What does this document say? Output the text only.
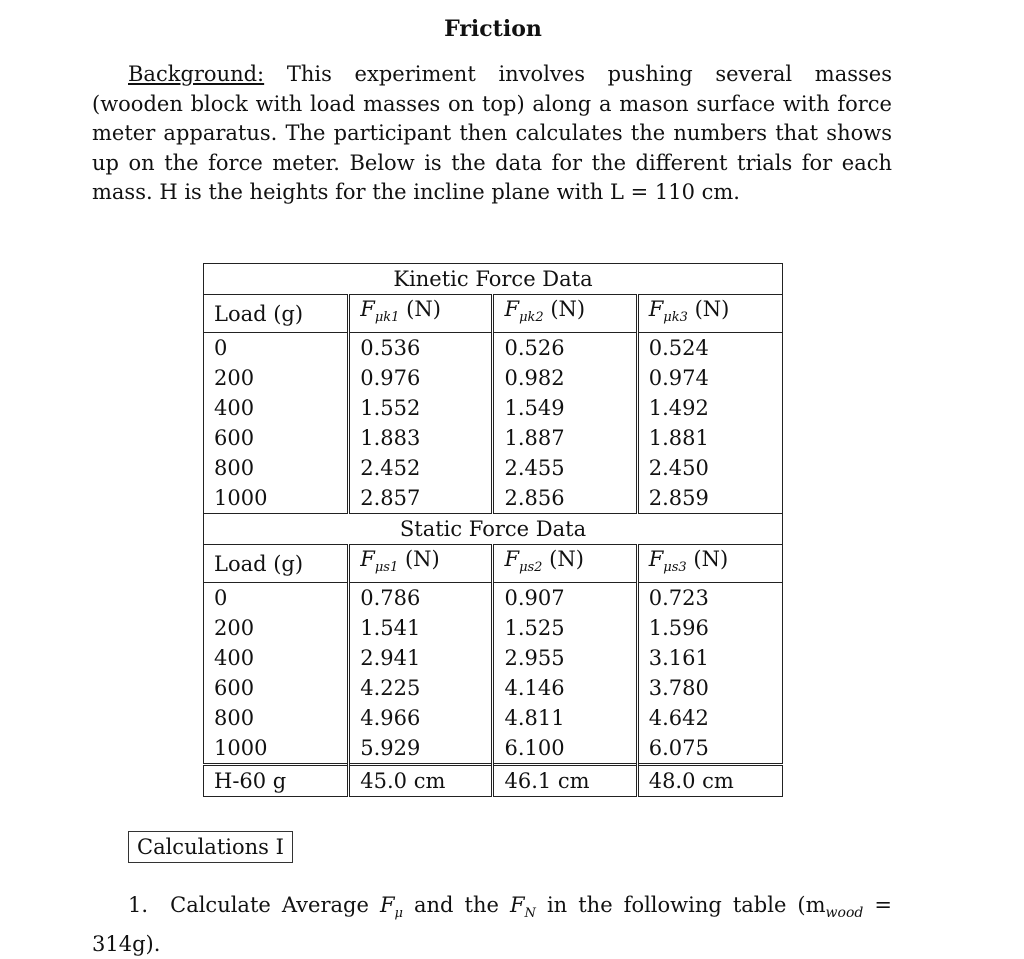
Friction

Background: This experiment involves pushing several masses (wooden block with load masses on top) along a mason surface with force meter apparatus. The participant then calculates the numbers that shows up on the force meter. Below is the data for the different trials for each mass. H is the heights for the incline plane with L = 110 cm.

Kinetic Force Data			
Load (g)	$F_{\mu k1}$ (N)	$F_{\mu k2}$ (N)	$F_{\mu k3}$ (N)
0	0.536	0.526	0.524
200	0.976	0.982	0.974
400	1.552	1.549	1.492
600	1.883	1.887	1.881
800	2.452	2.455	2.450
1000	2.857	2.856	2.859
Static Force Data			
Load (g)	$F_{\mu s1}$ (N)	$F_{\mu s2}$ (N)	$F_{\mu s3}$ (N)
0	0.786	0.907	0.723
200	1.541	1.525	1.596
400	2.941	2.955	3.161
600	4.225	4.146	3.780
800	4.966	4.811	4.642
1000	5.929	6.100	6.075
H-60 g	45.0 cm	46.1 cm	48.0 cm
Calculations I

1. Calculate Average $F_\mu$ and the $F_N$ in the following table $(m_{wood} = 314g)$.
